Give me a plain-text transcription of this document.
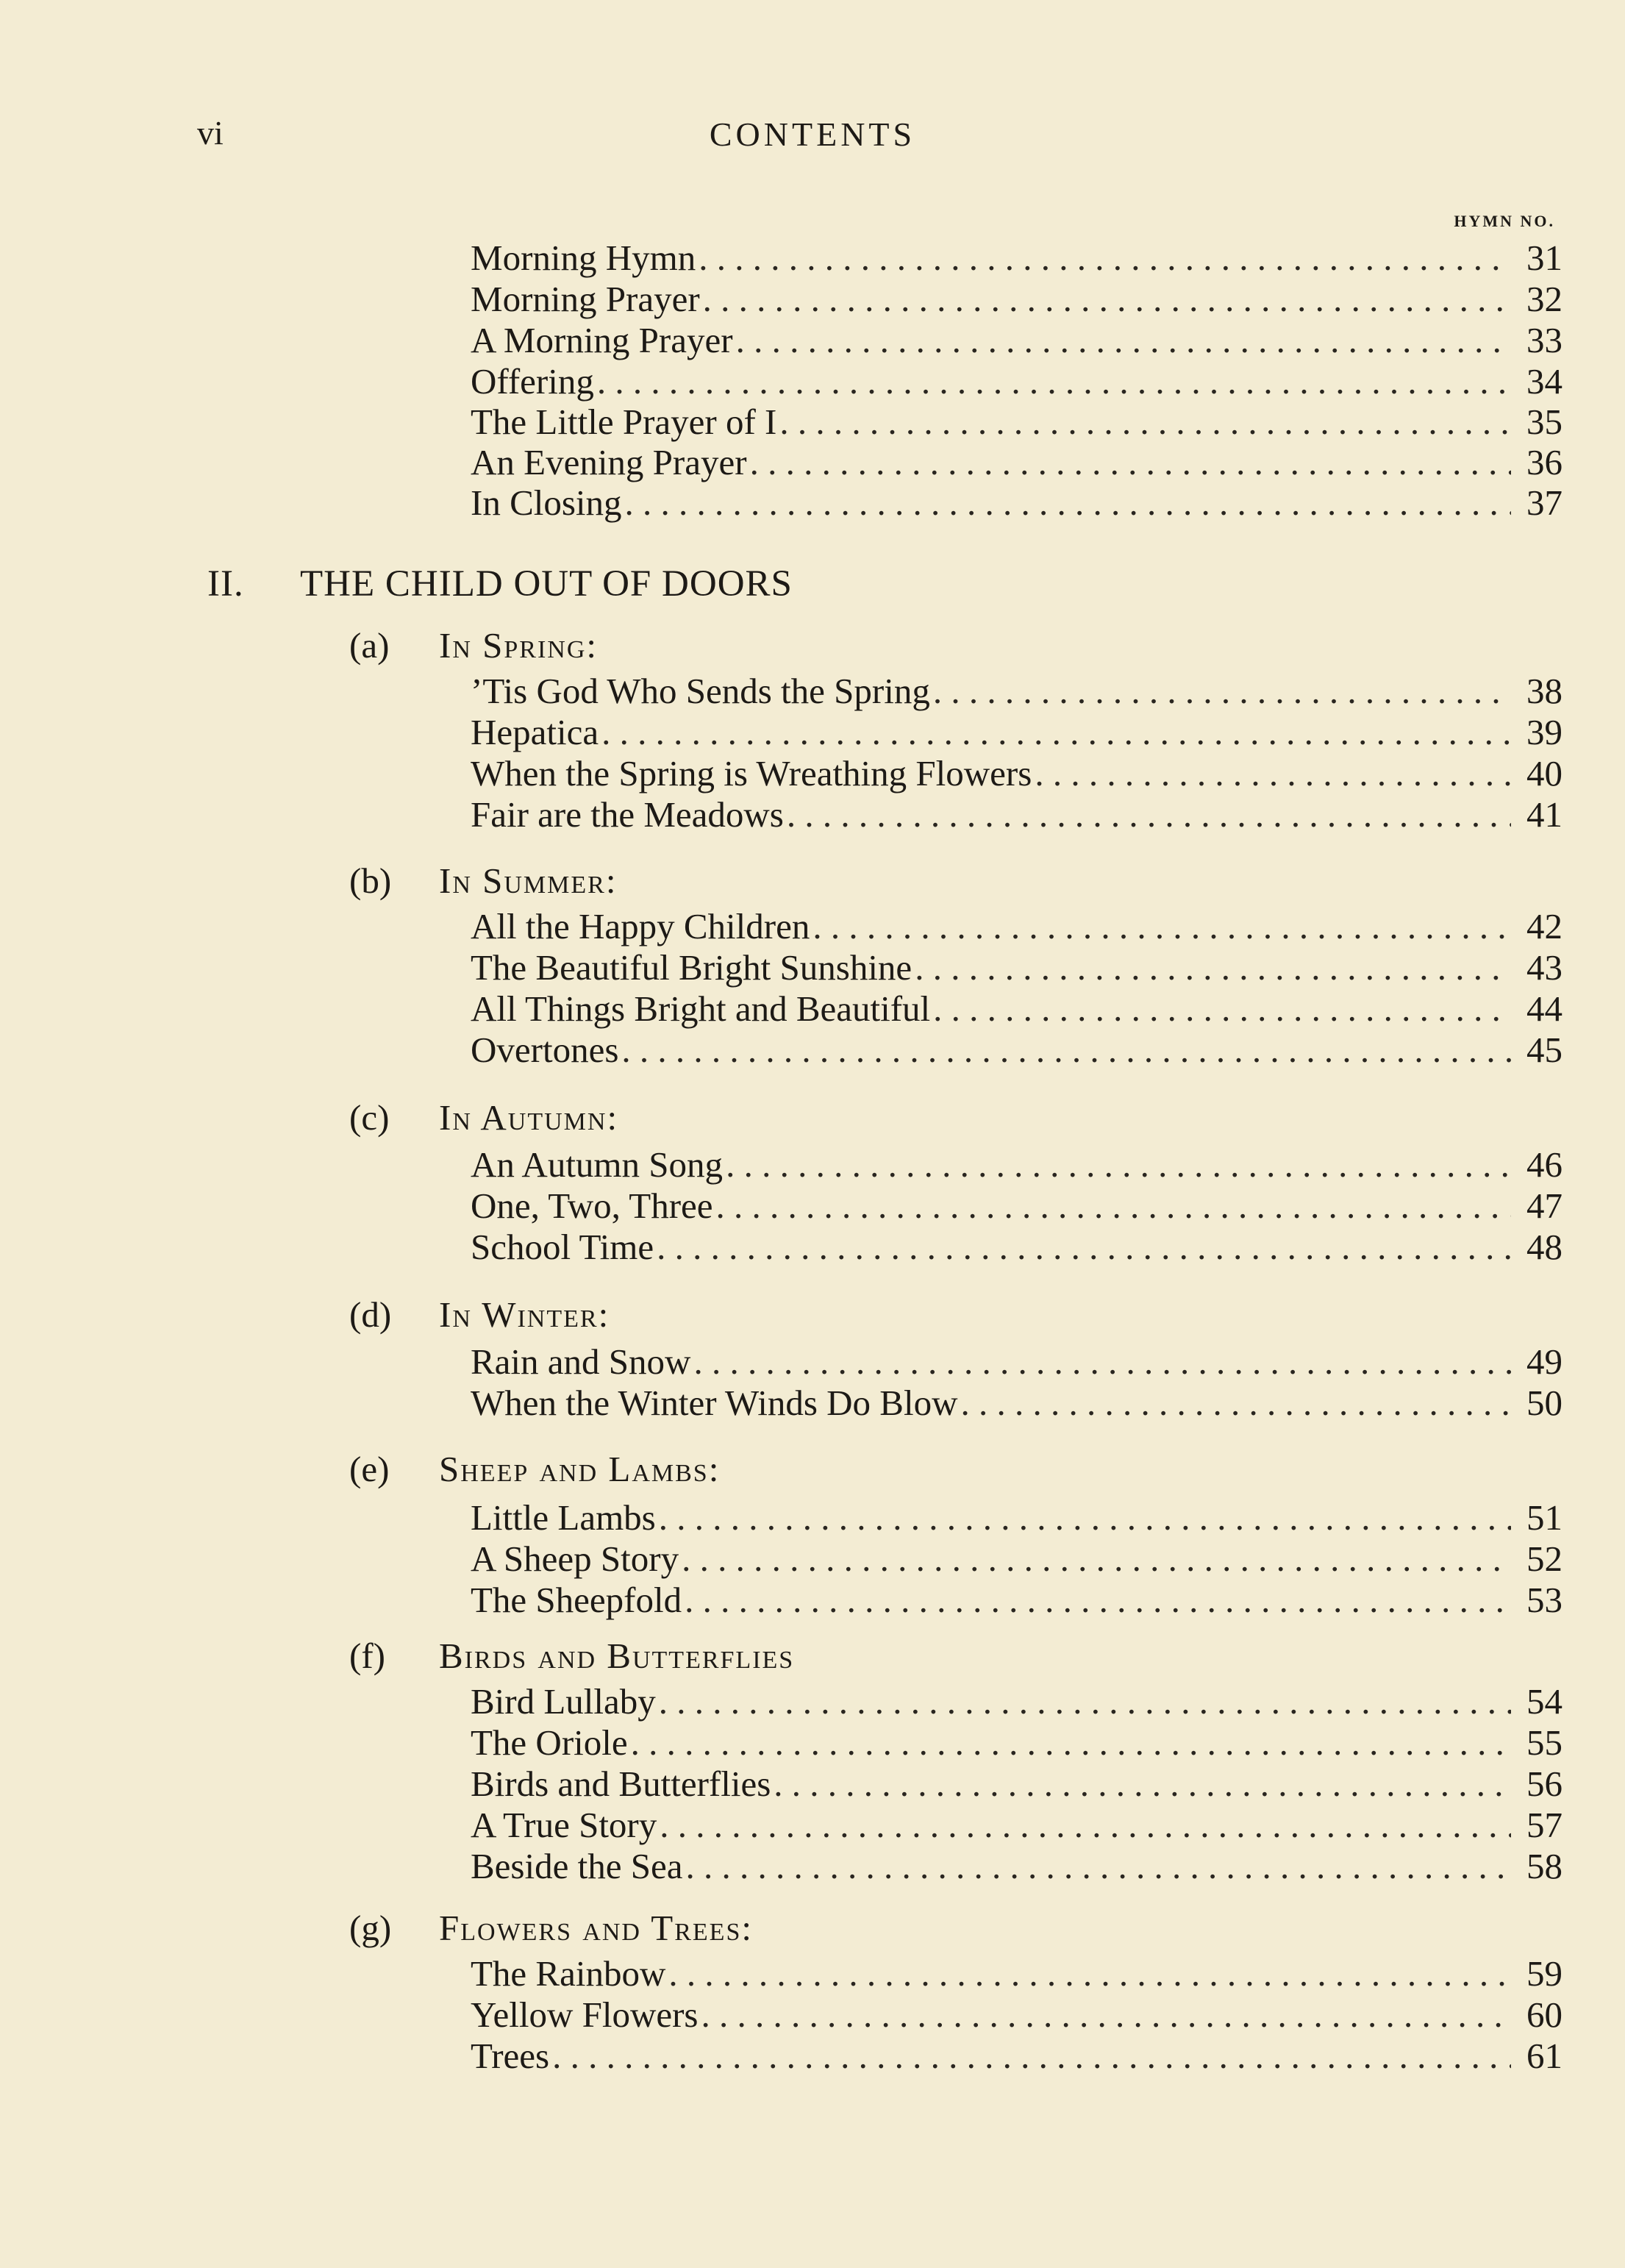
vi	CONTENTS
HYMN NO.
Morning Hymn . . .	31
Morning Prayer . . .	32
A Morning Prayer . . .	33
Offering . . .	34
The Little Prayer of I . . .	35
An Evening Prayer . . .	36
In Closing . . .	37
II. THE CHILD OUT OF DOORS
(a) In Spring:
’Tis God Who Sends the Spring . . .	38
Hepatica . . .	39
When the Spring is Wreathing Flowers . . .	40
Fair are the Meadows . . .	41
(b) In Summer:
All the Happy Children . . .	42
The Beautiful Bright Sunshine . . .	43
All Things Bright and Beautiful . . .	44
Overtones . . .	45
(c) In Autumn:
An Autumn Song . . .	46
One, Two, Three . . .	47
School Time . . .	48
(d) In Winter:
Rain and Snow . . .	49
When the Winter Winds Do Blow . . .	50
(e) Sheep and Lambs:
Little Lambs . . .	51
A Sheep Story . . .	52
The Sheepfold . . .	53
(f) Birds and Butterflies
Bird Lullaby . . .	54
The Oriole . . .	55
Birds and Butterflies . . .	56
A True Story . . .	57
Beside the Sea . . .	58
(g) Flowers and Trees:
The Rainbow . . .	59
Yellow Flowers . . .	60
Trees . . .	61
